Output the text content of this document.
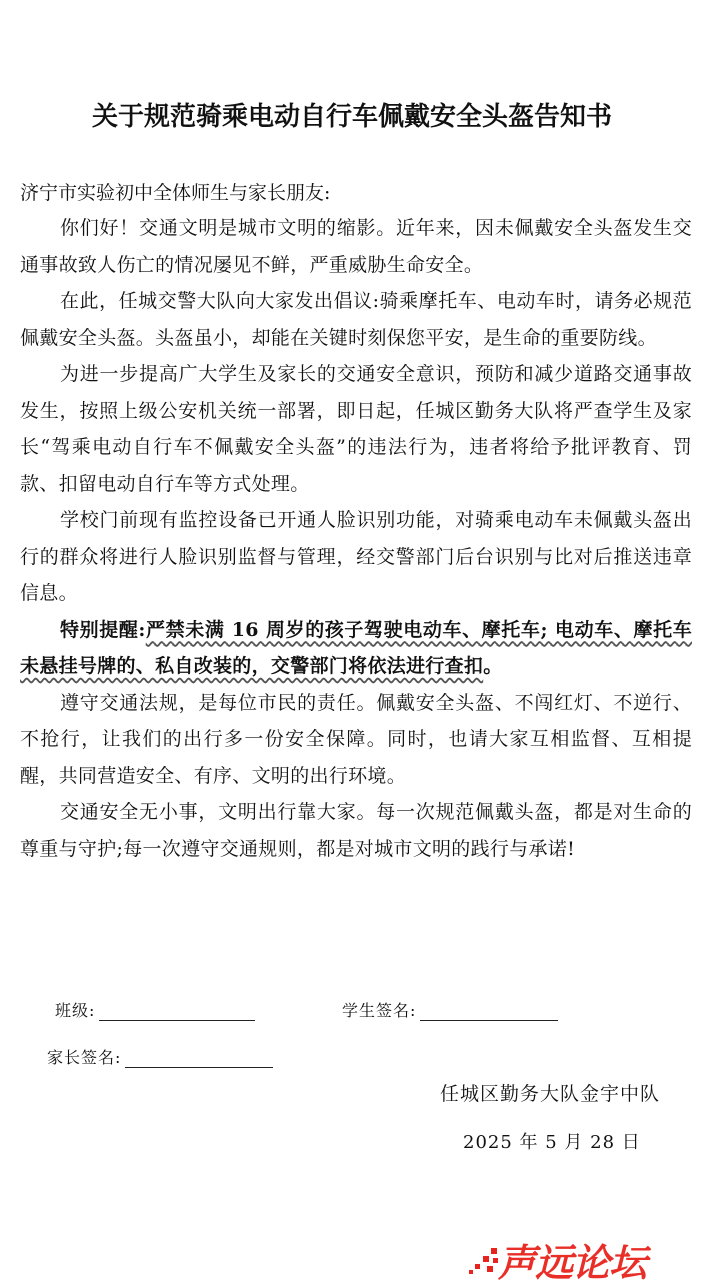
关于规范骑乘电动自行车佩戴安全头盔告知书

济宁市实验初中全体师生与家长朋友:

你们好！交通文明是城市文明的缩影。近年来，因未佩戴安全头盔发生交通事故致人伤亡的情况屡见不鲜，严重威胁生命安全。

在此，任城交警大队向大家发出倡议:骑乘摩托车、电动车时，请务必规范佩戴安全头盔。头盔虽小，却能在关键时刻保您平安，是生命的重要防线。

为进一步提高广大学生及家长的交通安全意识，预防和减少道路交通事故发生，按照上级公安机关统一部署，即日起，任城区勤务大队将严查学生及家长“驾乘电动自行车不佩戴安全头盔”的违法行为，违者将给予批评教育、罚款、扣留电动自行车等方式处理。

学校门前现有监控设备已开通人脸识别功能，对骑乘电动车未佩戴头盔出行的群众将进行人脸识别监督与管理，经交警部门后台识别与比对后推送违章信息。

特别提醒:严禁未满 16 周岁的孩子驾驶电动车、摩托车; 电动车、摩托车未悬挂号牌的、私自改装的，交警部门将依法进行查扣。

遵守交通法规，是每位市民的责任。佩戴安全头盔、不闯红灯、不逆行、不抢行，让我们的出行多一份安全保障。同时，也请大家互相监督、互相提醒，共同营造安全、有序、文明的出行环境。

交通安全无小事，文明出行靠大家。每一次规范佩戴头盔，都是对生命的尊重与守护;每一次遵守交通规则，都是对城市文明的践行与承诺!

班级:	学生签名:
家长签名:
任城区勤务大队金宇中队
2025 年 5 月 28 日
声远论坛
